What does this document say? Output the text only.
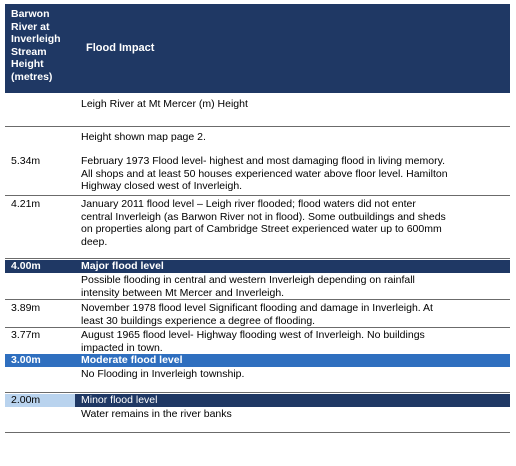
Barwon
River at
Inverleigh
Stream
Height
(metres)
Flood Impact
Leigh River at Mt Mercer (m) Height
Height shown map page 2.
5.34m	February 1973 Flood level- highest and most damaging flood in living memory.
All shops and at least 50 houses experienced water above floor level. Hamilton
Highway closed west of Inverleigh.
4.21m	January 2011 flood level – Leigh river flooded; flood waters did not enter
central Inverleigh (as Barwon River not in flood). Some outbuildings and sheds
on properties along part of Cambridge Street experienced water up to 600mm
deep.
4.00m	Major flood level
Possible flooding in central and western Inverleigh depending on rainfall
intensity between Mt Mercer and Inverleigh.
3.89m	November 1978 flood level Significant flooding and damage in Inverleigh. At
least 30 buildings experience a degree of flooding.
3.77m	August 1965 flood level- Highway flooding west of Inverleigh. No buildings
impacted in town.
3.00m	Moderate flood level
No Flooding in Inverleigh township.
2.00m	Minor flood level
Water remains in the river banks
